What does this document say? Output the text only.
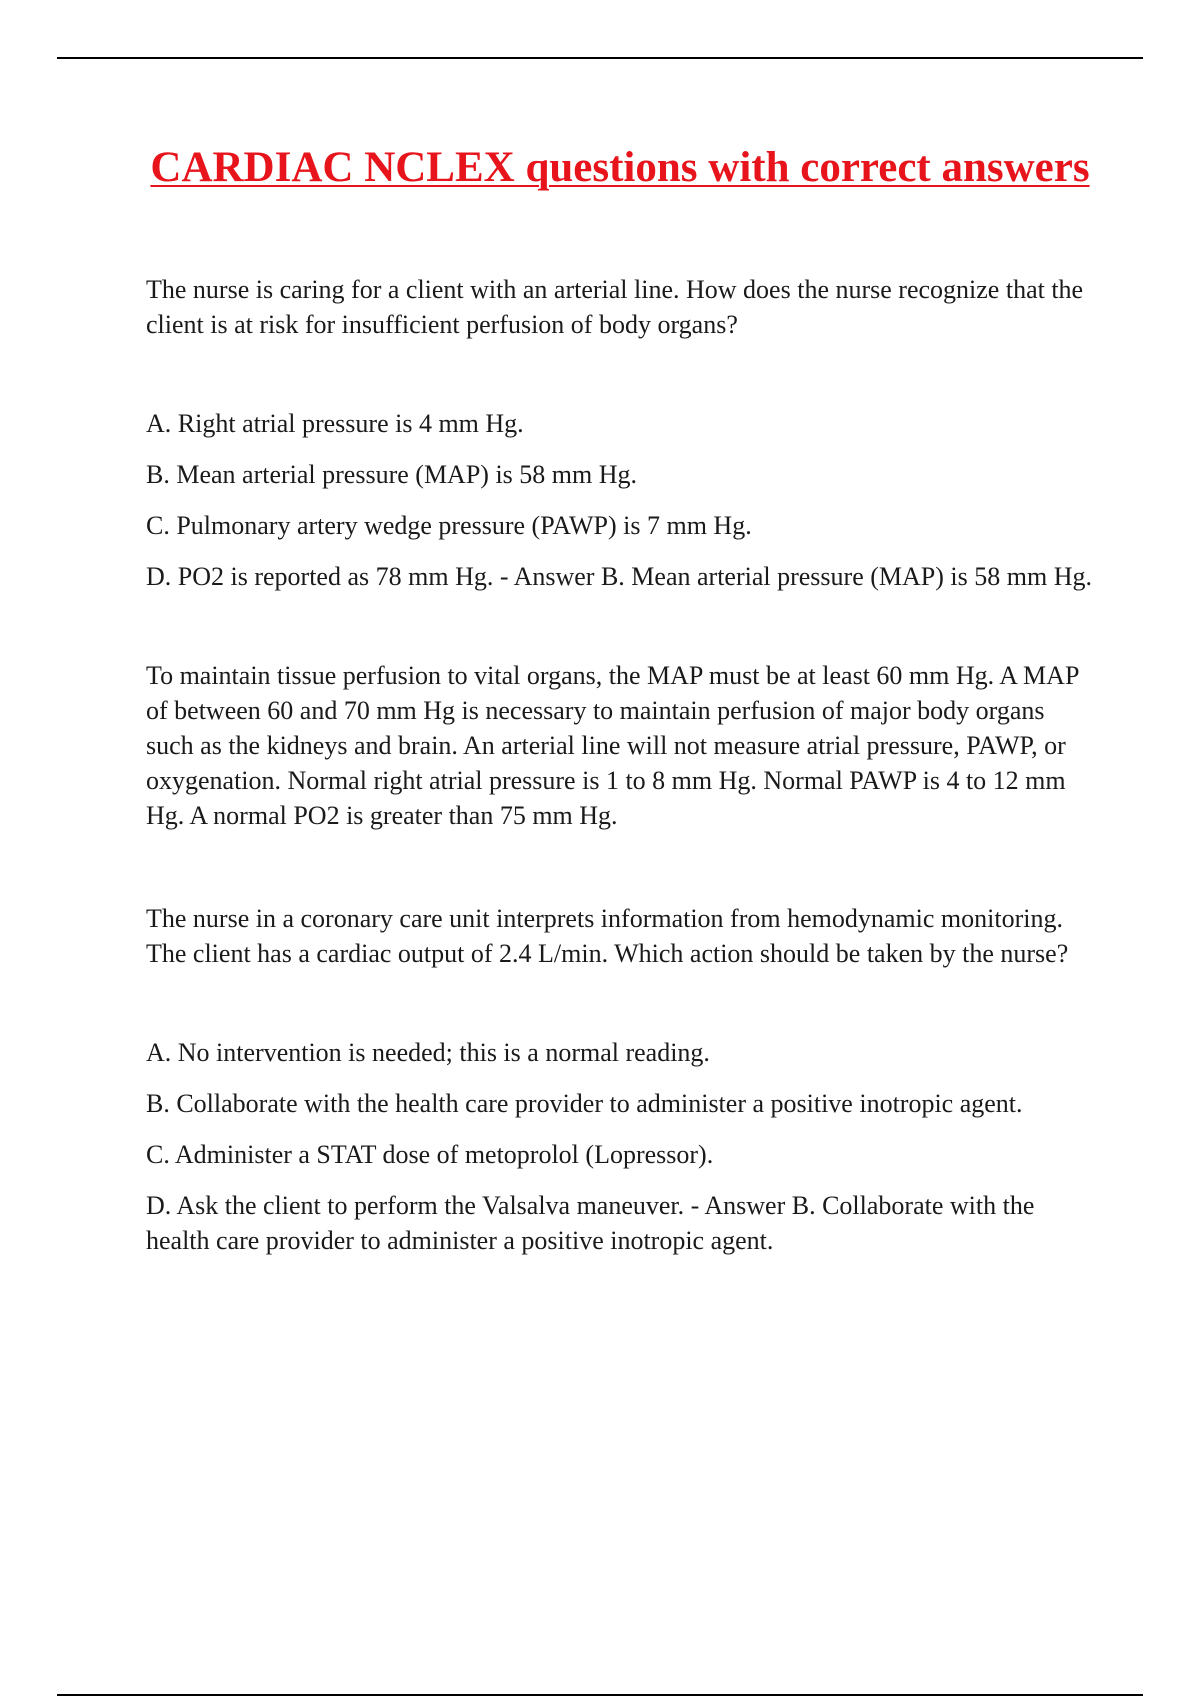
CARDIAC NCLEX questions with correct answers

The nurse is caring for a client with an arterial line. How does the nurse recognize that the client is at risk for insufficient perfusion of body organs?

A. Right atrial pressure is 4 mm Hg.

B. Mean arterial pressure (MAP) is 58 mm Hg.

C. Pulmonary artery wedge pressure (PAWP) is 7 mm Hg.

D. PO2 is reported as 78 mm Hg. - Answer B. Mean arterial pressure (MAP) is 58 mm Hg.

To maintain tissue perfusion to vital organs, the MAP must be at least 60 mm Hg. A MAP of between 60 and 70 mm Hg is necessary to maintain perfusion of major body organs such as the kidneys and brain. An arterial line will not measure atrial pressure, PAWP, or oxygenation. Normal right atrial pressure is 1 to 8 mm Hg. Normal PAWP is 4 to 12 mm Hg. A normal PO2 is greater than 75 mm Hg.

The nurse in a coronary care unit interprets information from hemodynamic monitoring. The client has a cardiac output of 2.4 L/min. Which action should be taken by the nurse?

A. No intervention is needed; this is a normal reading.

B. Collaborate with the health care provider to administer a positive inotropic agent.

C. Administer a STAT dose of metoprolol (Lopressor).

D. Ask the client to perform the Valsalva maneuver. - Answer B. Collaborate with the health care provider to administer a positive inotropic agent.
